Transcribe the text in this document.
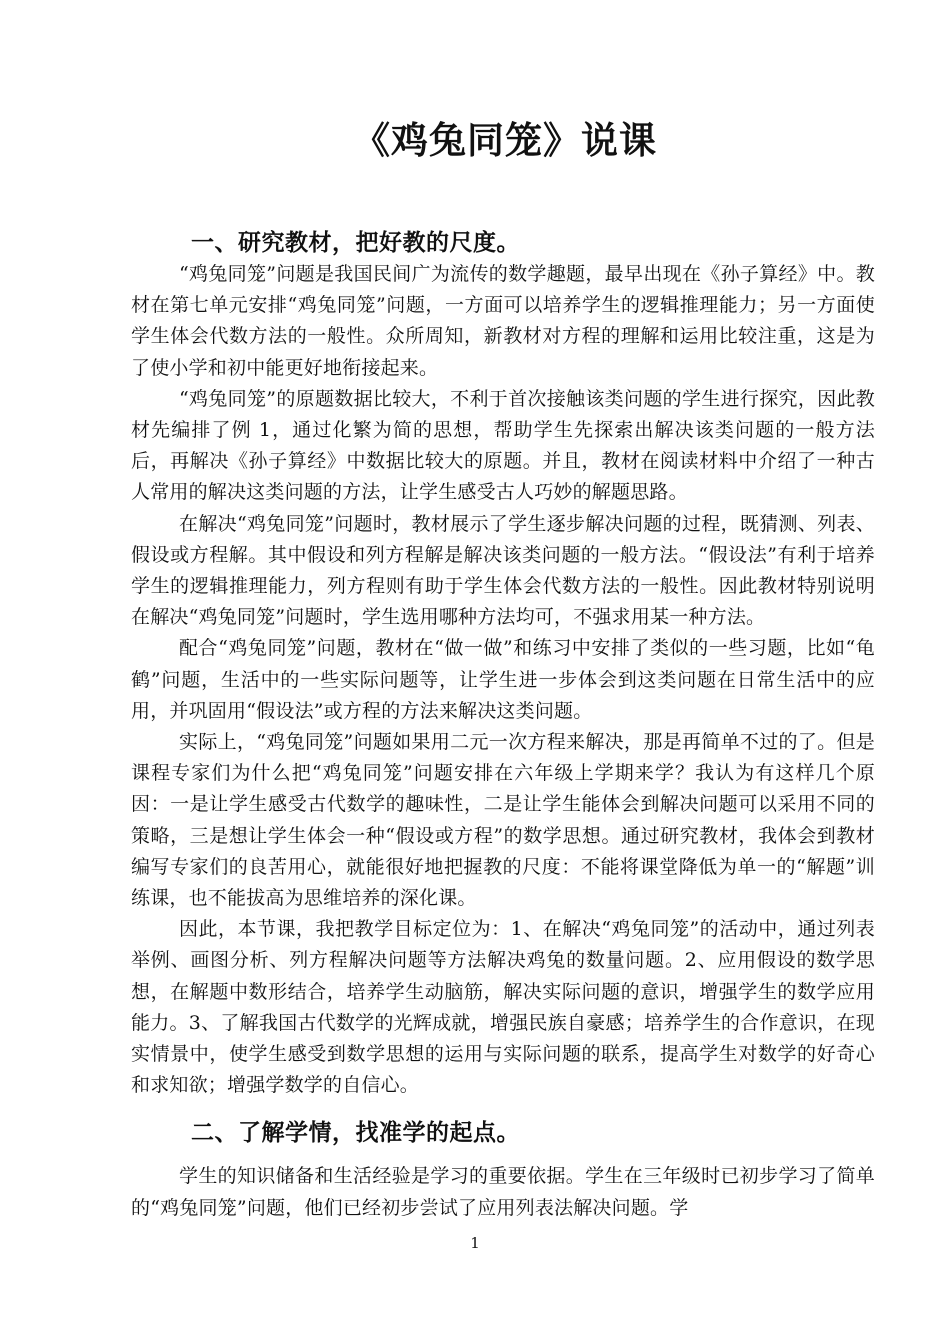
《鸡兔同笼》说课
一、研究教材，把好教的尺度。

“鸡兔同笼”问题是我国民间广为流传的数学趣题，最早出现在《孙子算经》中。教材在第七单元安排“鸡兔同笼”问题，一方面可以培养学生的逻辑推理能力；另一方面使学生体会代数方法的一般性。众所周知，新教材对方程的理解和运用比较注重，这是为了使小学和初中能更好地衔接起来。

“鸡兔同笼”的原题数据比较大，不利于首次接触该类问题的学生进行探究，因此教材先编排了例 1，通过化繁为简的思想，帮助学生先探索出解决该类问题的一般方法后，再解决《孙子算经》中数据比较大的原题。并且，教材在阅读材料中介绍了一种古人常用的解决这类问题的方法，让学生感受古人巧妙的解题思路。

在解决“鸡兔同笼”问题时，教材展示了学生逐步解决问题的过程，既猜测、列表、假设或方程解。其中假设和列方程解是解决该类问题的一般方法。“假设法”有利于培养学生的逻辑推理能力，列方程则有助于学生体会代数方法的一般性。因此教材特别说明在解决“鸡兔同笼”问题时，学生选用哪种方法均可，不强求用某一种方法。

配合“鸡兔同笼”问题，教材在“做一做”和练习中安排了类似的一些习题，比如“龟鹤”问题，生活中的一些实际问题等，让学生进一步体会到这类问题在日常生活中的应用，并巩固用“假设法”或方程的方法来解决这类问题。

实际上，“鸡兔同笼”问题如果用二元一次方程来解决，那是再简单不过的了。但是课程专家们为什么把“鸡兔同笼”问题安排在六年级上学期来学？我认为有这样几个原因：一是让学生感受古代数学的趣味性，二是让学生能体会到解决问题可以采用不同的策略，三是想让学生体会一种“假设或方程”的数学思想。通过研究教材，我体会到教材编写专家们的良苦用心，就能很好地把握教的尺度：不能将课堂降低为单一的“解题”训练课，也不能拔高为思维培养的深化课。

因此，本节课，我把教学目标定位为：1、在解决“鸡兔同笼”的活动中，通过列表举例、画图分析、列方程解决问题等方法解决鸡兔的数量问题。2、应用假设的数学思想，在解题中数形结合，培养学生动脑筋，解决实际问题的意识，增强学生的数学应用能力。3、了解我国古代数学的光辉成就，增强民族自豪感；培养学生的合作意识，在现实情景中，使学生感受到数学思想的运用与实际问题的联系，提高学生对数学的好奇心和求知欲；增强学数学的自信心。

二、了解学情，找准学的起点。

学生的知识储备和生活经验是学习的重要依据。学生在三年级时已初步学习了简单的“鸡兔同笼”问题，他们已经初步尝试了应用列表法解决问题。学

1
